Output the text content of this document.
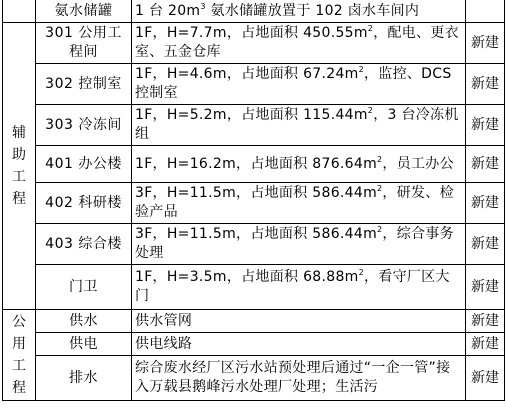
	氨水储罐	1 台 $20m^3$ 氨水储罐放置于 102 卤水车间内	

辅助工程	301 公用工程间	1F，H=7.7m，占地面积 $450.55m^2$，配电、更衣室、五金仓库	新建
	302 控制室	1F，H=4.6m，占地面积 $67.24m^2$，监控、DCS 控制室	新建
	303 冷冻间	1F，H=5.2m，占地面积 $115.44m^2$，3 台冷冻机组	新建
	401 办公楼	1F，H=16.2m，占地面积 $876.64m^2$，员工办公	新建
	402 科研楼	3F，H=11.5m，占地面积 $586.44m^2$，研发、检验产品	新建
	403 综合楼	3F，H=11.5m，占地面积 $586.44m^2$，综合事务处理	新建
	门卫	1F，H=3.5m，占地面积 $68.88m^2$，看守厂区大门	新建

公用工程	供水	供水管网	新建
	供电	供电线路	新建
	排水	综合废水经厂区污水站预处理后通过“一企一管”接入万载县鹅峰污水处理厂处理；生活污	新建
